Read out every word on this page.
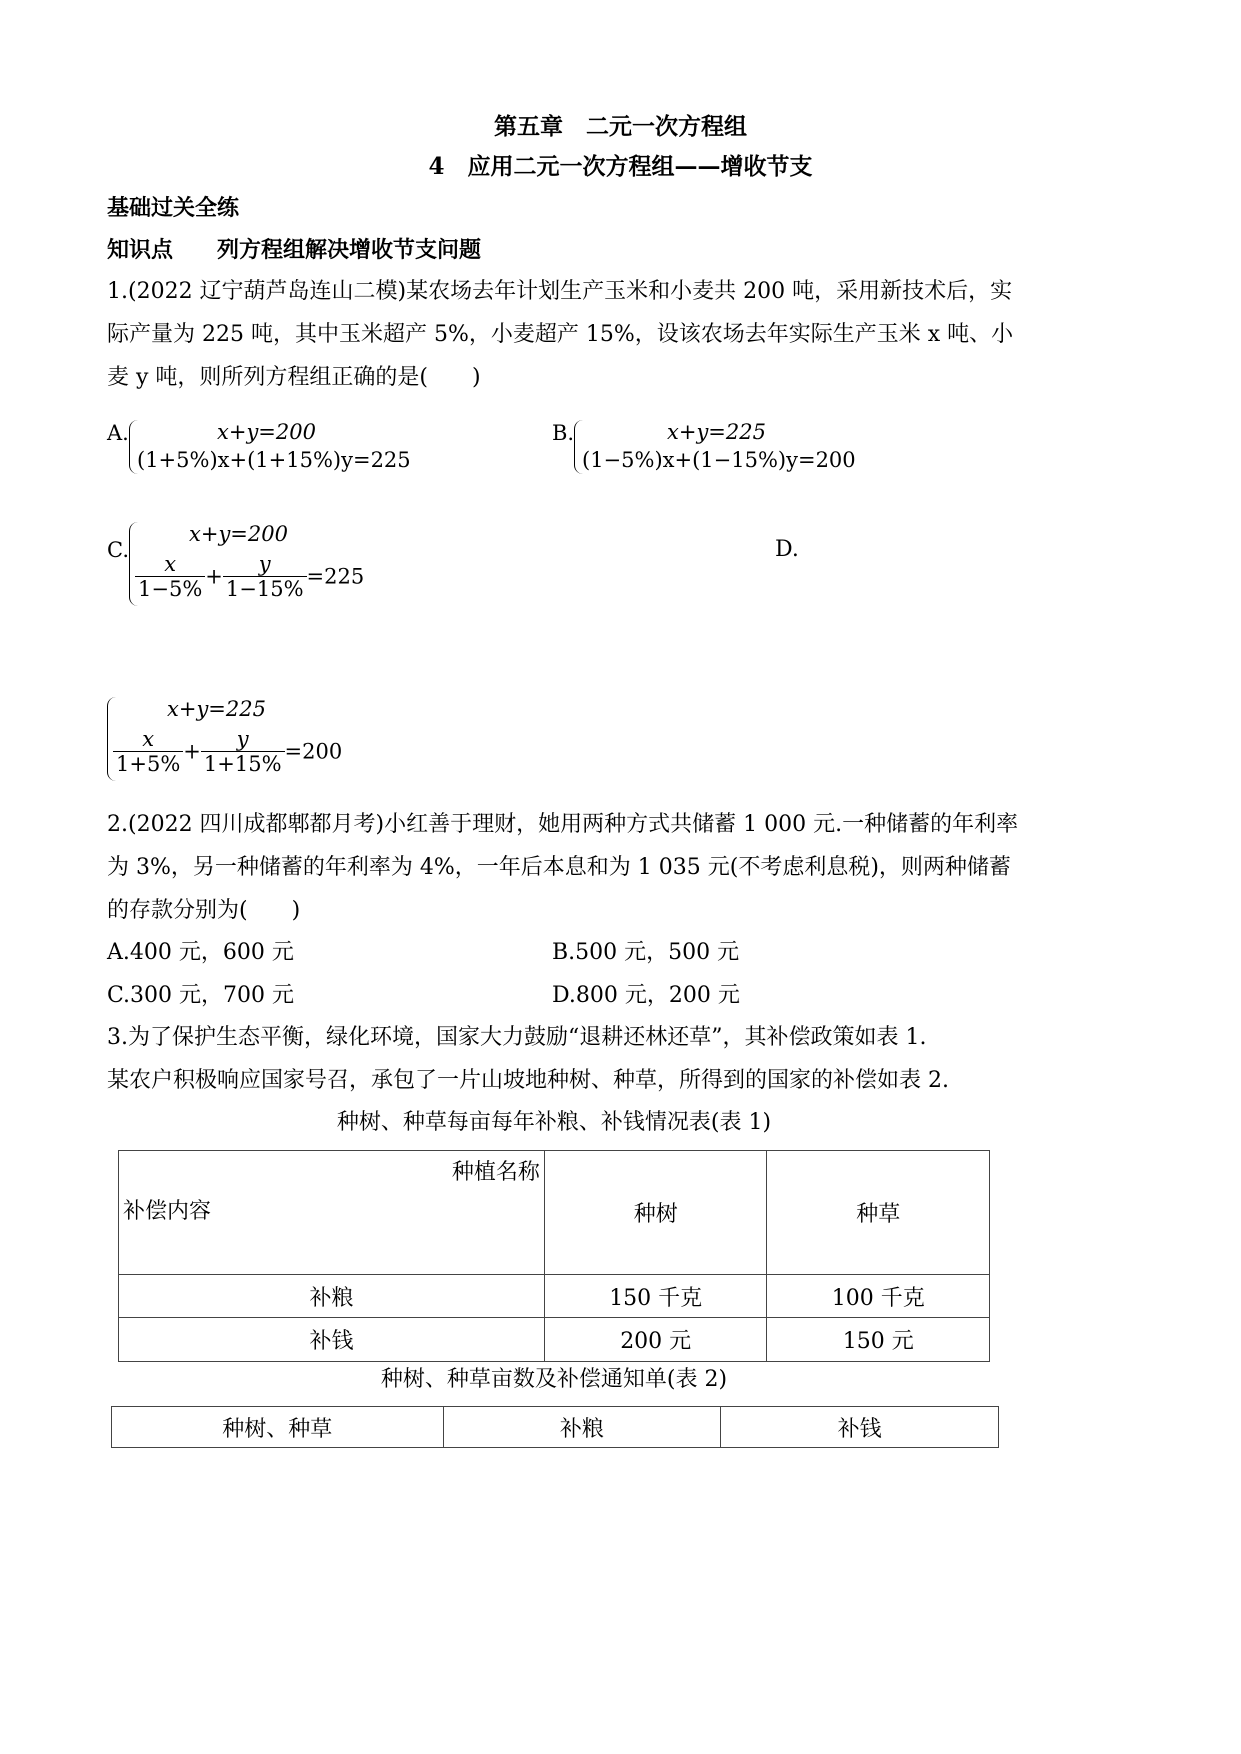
第五章　二元一次方程组
4　应用二元一次方程组——增收节支
基础过关全练
知识点　　列方程组解决增收节支问题
1.(2022 辽宁葫芦岛连山二模)某农场去年计划生产玉米和小麦共 200 吨，采用新技术后，实
际产量为 225 吨，其中玉米超产 5%，小麦超产 15%，设该农场去年实际生产玉米 x 吨、小
麦 y 吨，则所列方程组正确的是(　　)
A.	x+y=200
(1+5%)x+(1+15%)y=225
B.	x+y=225
(1−5%)x+(1−15%)y=200
C.
x+y=200
$\frac{x}{1-5\%} + \frac{y}{1-15\%} =225$
D.
x+y=225
$\frac{x}{1+5\%} + \frac{y}{1+15\%} =200$
2.(2022 四川成都郫都月考)小红善于理财，她用两种方式共储蓄 1 000 元.一种储蓄的年利率
为 3%，另一种储蓄的年利率为 4%，一年后本息和为 1 035 元(不考虑利息税)，则两种储蓄
的存款分别为(　　)
A.400 元，600 元	B.500 元，500 元
C.300 元，700 元	D.800 元，200 元
3.为了保护生态平衡，绿化环境，国家大力鼓励“退耕还林还草”，其补偿政策如表 1.
某农户积极响应国家号召，承包了一片山坡地种树、种草，所得到的国家的补偿如表 2.
种树、种草每亩每年补粮、补钱情况表(表 1)
种植名称
补偿内容	种树	种草
补粮	150 千克	100 千克
补钱	200 元	150 元
种树、种草亩数及补偿通知单(表 2)
种树、种草	补粮	补钱
